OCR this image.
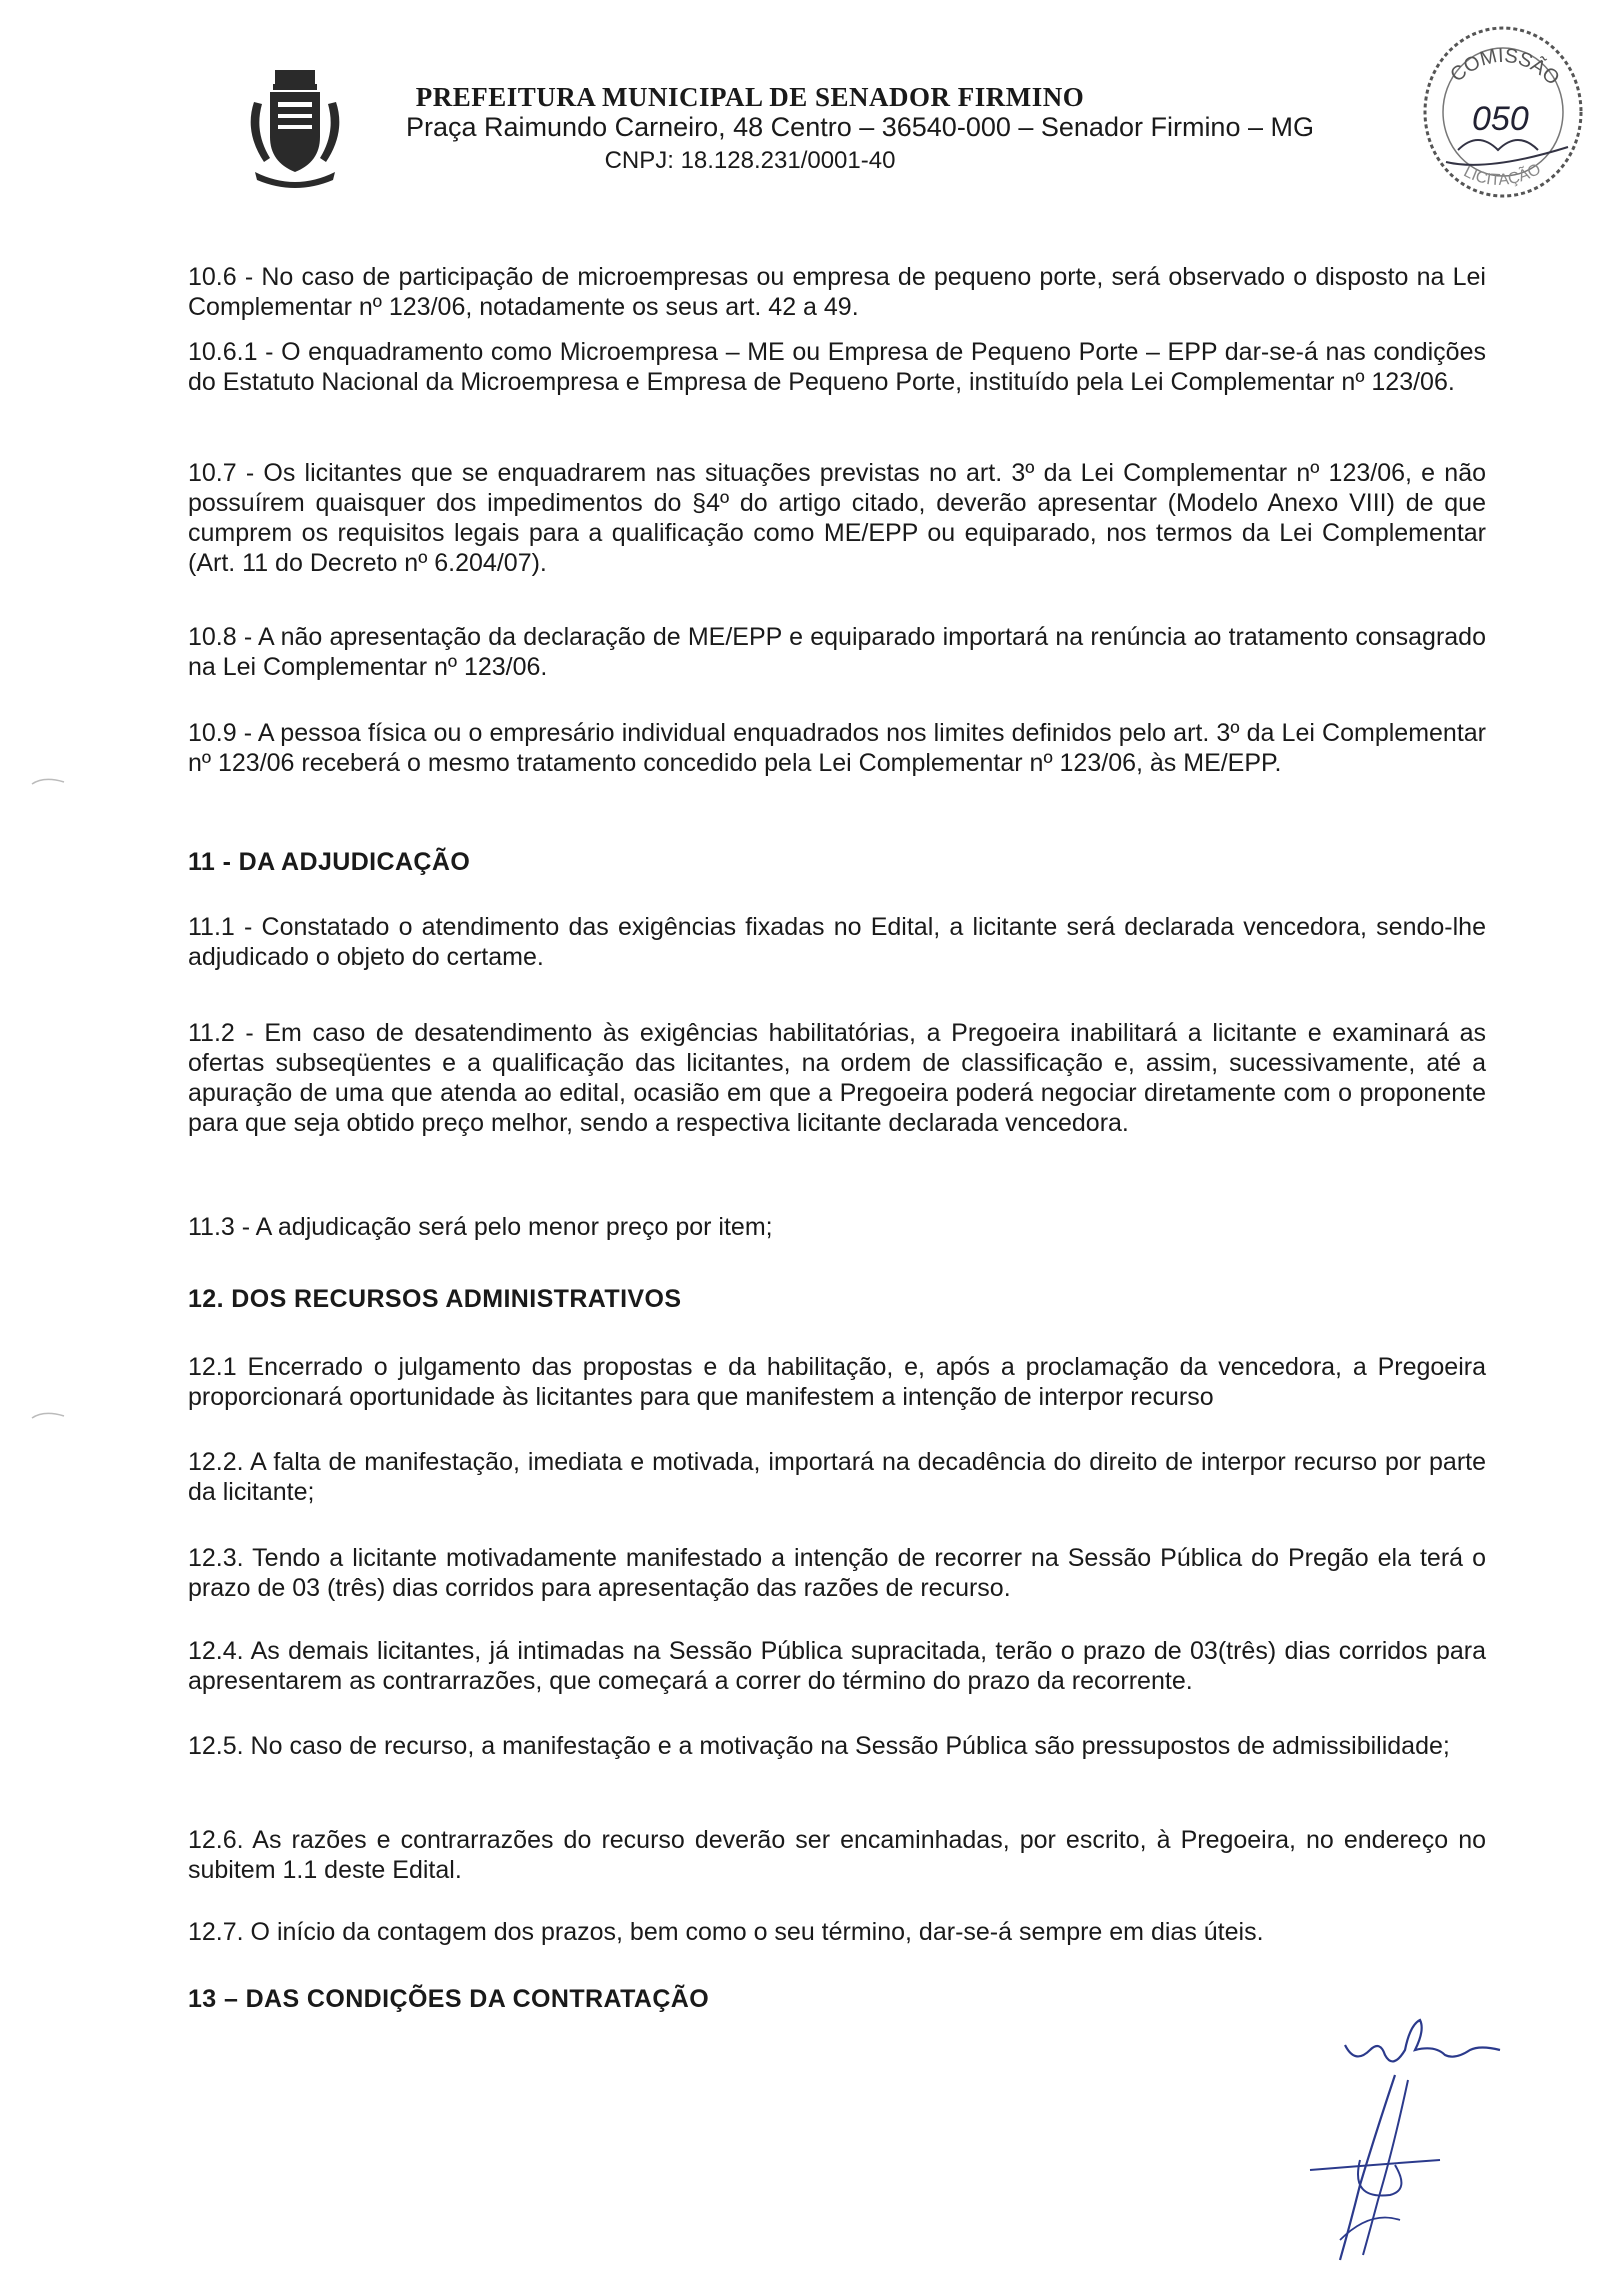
PREFEITURA MUNICIPAL DE SENADOR FIRMINO
Praça Raimundo Carneiro, 48 Centro – 36540-000 – Senador Firmino – MG
CNPJ: 18.128.231/0001-40
COMISSÃO
050
LICITAÇÃO

10.6 - No caso de participação de microempresas ou empresa de pequeno porte, será observado o disposto na Lei Complementar nº 123/06, notadamente os seus art. 42 a 49.

10.6.1 - O enquadramento como Microempresa – ME ou Empresa de Pequeno Porte – EPP dar-se-á nas condições do Estatuto Nacional da Microempresa e Empresa de Pequeno Porte, instituído pela Lei Complementar nº 123/06.

10.7 - Os licitantes que se enquadrarem nas situações previstas no art. 3º da Lei Complementar nº 123/06, e não possuírem quaisquer dos impedimentos do §4º do artigo citado, deverão apresentar (Modelo Anexo VIII) de que cumprem os requisitos legais para a qualificação como ME/EPP ou equiparado, nos termos da Lei Complementar (Art. 11 do Decreto nº 6.204/07).

10.8 - A não apresentação da declaração de ME/EPP e equiparado importará na renúncia ao tratamento consagrado na Lei Complementar nº 123/06.

10.9 - A pessoa física ou o empresário individual enquadrados nos limites definidos pelo art. 3º da Lei Complementar nº 123/06 receberá o mesmo tratamento concedido pela Lei Complementar nº 123/06, às ME/EPP.

11 - DA ADJUDICAÇÃO

11.1 - Constatado o atendimento das exigências fixadas no Edital, a licitante será declarada vencedora, sendo-lhe adjudicado o objeto do certame.

11.2 - Em caso de desatendimento às exigências habilitatórias, a Pregoeira inabilitará a licitante e examinará as ofertas subseqüentes e a qualificação das licitantes, na ordem de classificação e, assim, sucessivamente, até a apuração de uma que atenda ao edital, ocasião em que a Pregoeira poderá negociar diretamente com o proponente para que seja obtido preço melhor, sendo a respectiva licitante declarada vencedora.

11.3 - A adjudicação será pelo menor preço por item;

12. DOS RECURSOS ADMINISTRATIVOS

12.1 Encerrado o julgamento das propostas e da habilitação, e, após a proclamação da vencedora, a Pregoeira proporcionará oportunidade às licitantes para que manifestem a intenção de interpor recurso

12.2. A falta de manifestação, imediata e motivada, importará na decadência do direito de interpor recurso por parte da licitante;

12.3. Tendo a licitante motivadamente manifestado a intenção de recorrer na Sessão Pública do Pregão ela terá o prazo de 03 (três) dias corridos para apresentação das razões de recurso.

12.4. As demais licitantes, já intimadas na Sessão Pública supracitada, terão o prazo de 03(três) dias corridos para apresentarem as contrarrazões, que começará a correr do término do prazo da recorrente.

12.5. No caso de recurso, a manifestação e a motivação na Sessão Pública são pressupostos de admissibilidade;

12.6. As razões e contrarrazões do recurso deverão ser encaminhadas, por escrito, à Pregoeira, no endereço no subitem 1.1 deste Edital.

12.7. O início da contagem dos prazos, bem como o seu término, dar-se-á sempre em dias úteis.

13 – DAS CONDIÇÕES DA CONTRATAÇÃO
